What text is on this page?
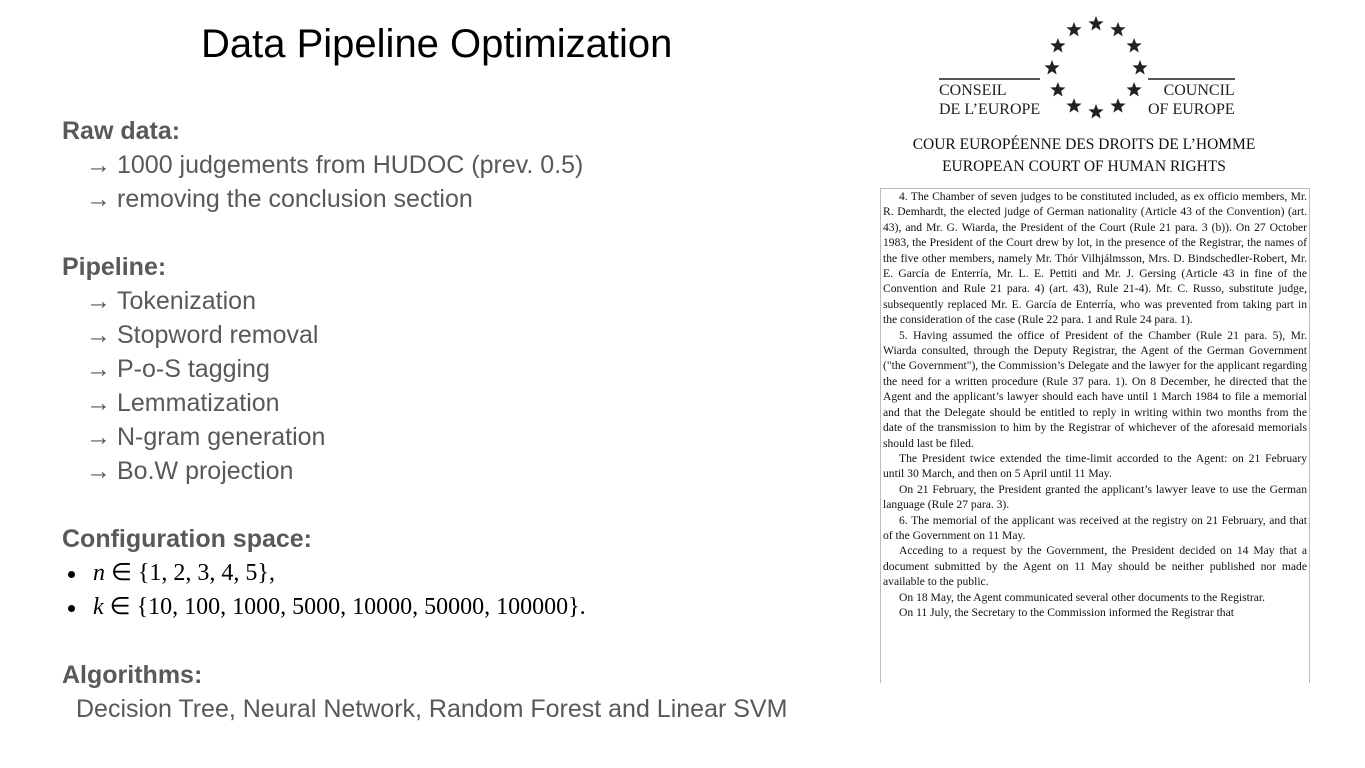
Data Pipeline Optimization
Raw data:
→ 1000 judgements from HUDOC (prev. 0.5)
→ removing the conclusion section
Pipeline:
→ Tokenization
→ Stopword removal
→ P-o-S tagging
→ Lemmatization
→ N-gram generation
→ Bo.W projection
Configuration space:
n ∈ {1, 2, 3, 4, 5},
k ∈ {10, 100, 1000, 5000, 10000, 50000, 100000}.
Algorithms:
Decision Tree, Neural Network, Random Forest and Linear SVM
CONSEIL
DE L’EUROPE
COUNCIL
OF EUROPE
COUR EUROPÉENNE DES DROITS DE L’HOMME
EUROPEAN COURT OF HUMAN RIGHTS

4. The Chamber of seven judges to be constituted included, as ex officio members, Mr. R. Demhardt, the elected judge of German nationality (Article 43 of the Convention) (art. 43), and Mr. G. Wiarda, the President of the Court (Rule 21 para. 3 (b)). On 27 October 1983, the President of the Court drew by lot, in the presence of the Registrar, the names of the five other members, namely Mr. Thór Vilhjálmsson, Mrs. D. Bindschedler-Robert, Mr. E. García de Enterría, Mr. L. E. Pettiti and Mr. J. Gersing (Article 43 in fine of the Convention and Rule 21 para. 4) (art. 43), Rule 21-4). Mr. C. Russo, substitute judge, subsequently replaced Mr. E. García de Enterría, who was prevented from taking part in the consideration of the case (Rule 22 para. 1 and Rule 24 para. 1).

5. Having assumed the office of President of the Chamber (Rule 21 para. 5), Mr. Wiarda consulted, through the Deputy Registrar, the Agent of the German Government ("the Government"), the Commission’s Delegate and the lawyer for the applicant regarding the need for a written procedure (Rule 37 para. 1). On 8 December, he directed that the Agent and the applicant’s lawyer should each have until 1 March 1984 to file a memorial and that the Delegate should be entitled to reply in writing within two months from the date of the transmission to him by the Registrar of whichever of the aforesaid memorials should last be filed.

The President twice extended the time-limit accorded to the Agent: on 21 February until 30 March, and then on 5 April until 11 May.

On 21 February, the President granted the applicant’s lawyer leave to use the German language (Rule 27 para. 3).

6. The memorial of the applicant was received at the registry on 21 February, and that of the Government on 11 May.

Acceding to a request by the Government, the President decided on 14 May that a document submitted by the Agent on 11 May should be neither published nor made available to the public.

On 18 May, the Agent communicated several other documents to the Registrar.

On 11 July, the Secretary to the Commission informed the Registrar that
